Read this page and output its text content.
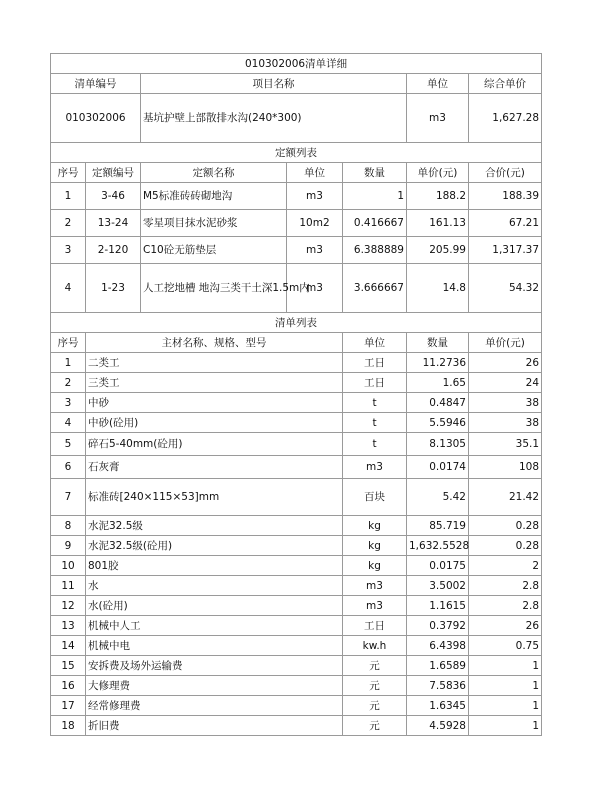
010302006清单详细							
清单编号		项目名称			单位	综合单价	
010302006		基坑护壁上部散排水沟(240*300)			m3	1,627.28	
定额列表							
序号	定额编号	定额名称	单位	数量	单价(元)	合价(元)	
1	3-46	M5标准砖砖砌地沟	m3	1	188.2	188.39	
2	13-24	零星项目抹水泥砂浆	10m2	0.416667	161.13	67.21	
3	2-120	C10砼无筋垫层	m3	6.388889	205.99	1,317.37	
4	1-23	人工挖地槽 地沟三类干土深1.5m内	m3	3.666667	14.8	54.32	
清单列表							
序号	主材名称、规格、型号			单位	数量	单价(元)	
1	二类工			工日	11.2736	26	
2	三类工			工日	1.65	24	
3	中砂			t	0.4847	38	
4	中砂(砼用)			t	5.5946	38	
5	碎石5-40mm(砼用)			t	8.1305	35.1	
6	石灰膏			m3	0.0174	108	
7	标准砖[240×115×53]mm			百块	5.42	21.42	
8	水泥32.5级			kg	85.719	0.28	
9	水泥32.5级(砼用)			kg	1,632.5528	0.28	
10	801胶			kg	0.0175	2	
11	水			m3	3.5002	2.8	
12	水(砼用)			m3	1.1615	2.8	
13	机械中人工			工日	0.3792	26	
14	机械中电			kw.h	6.4398	0.75	
15	安拆费及场外运输费			元	1.6589	1	
16	大修理费			元	7.5836	1	
17	经常修理费			元	1.6345	1	
18	折旧费			元	4.5928	1	
